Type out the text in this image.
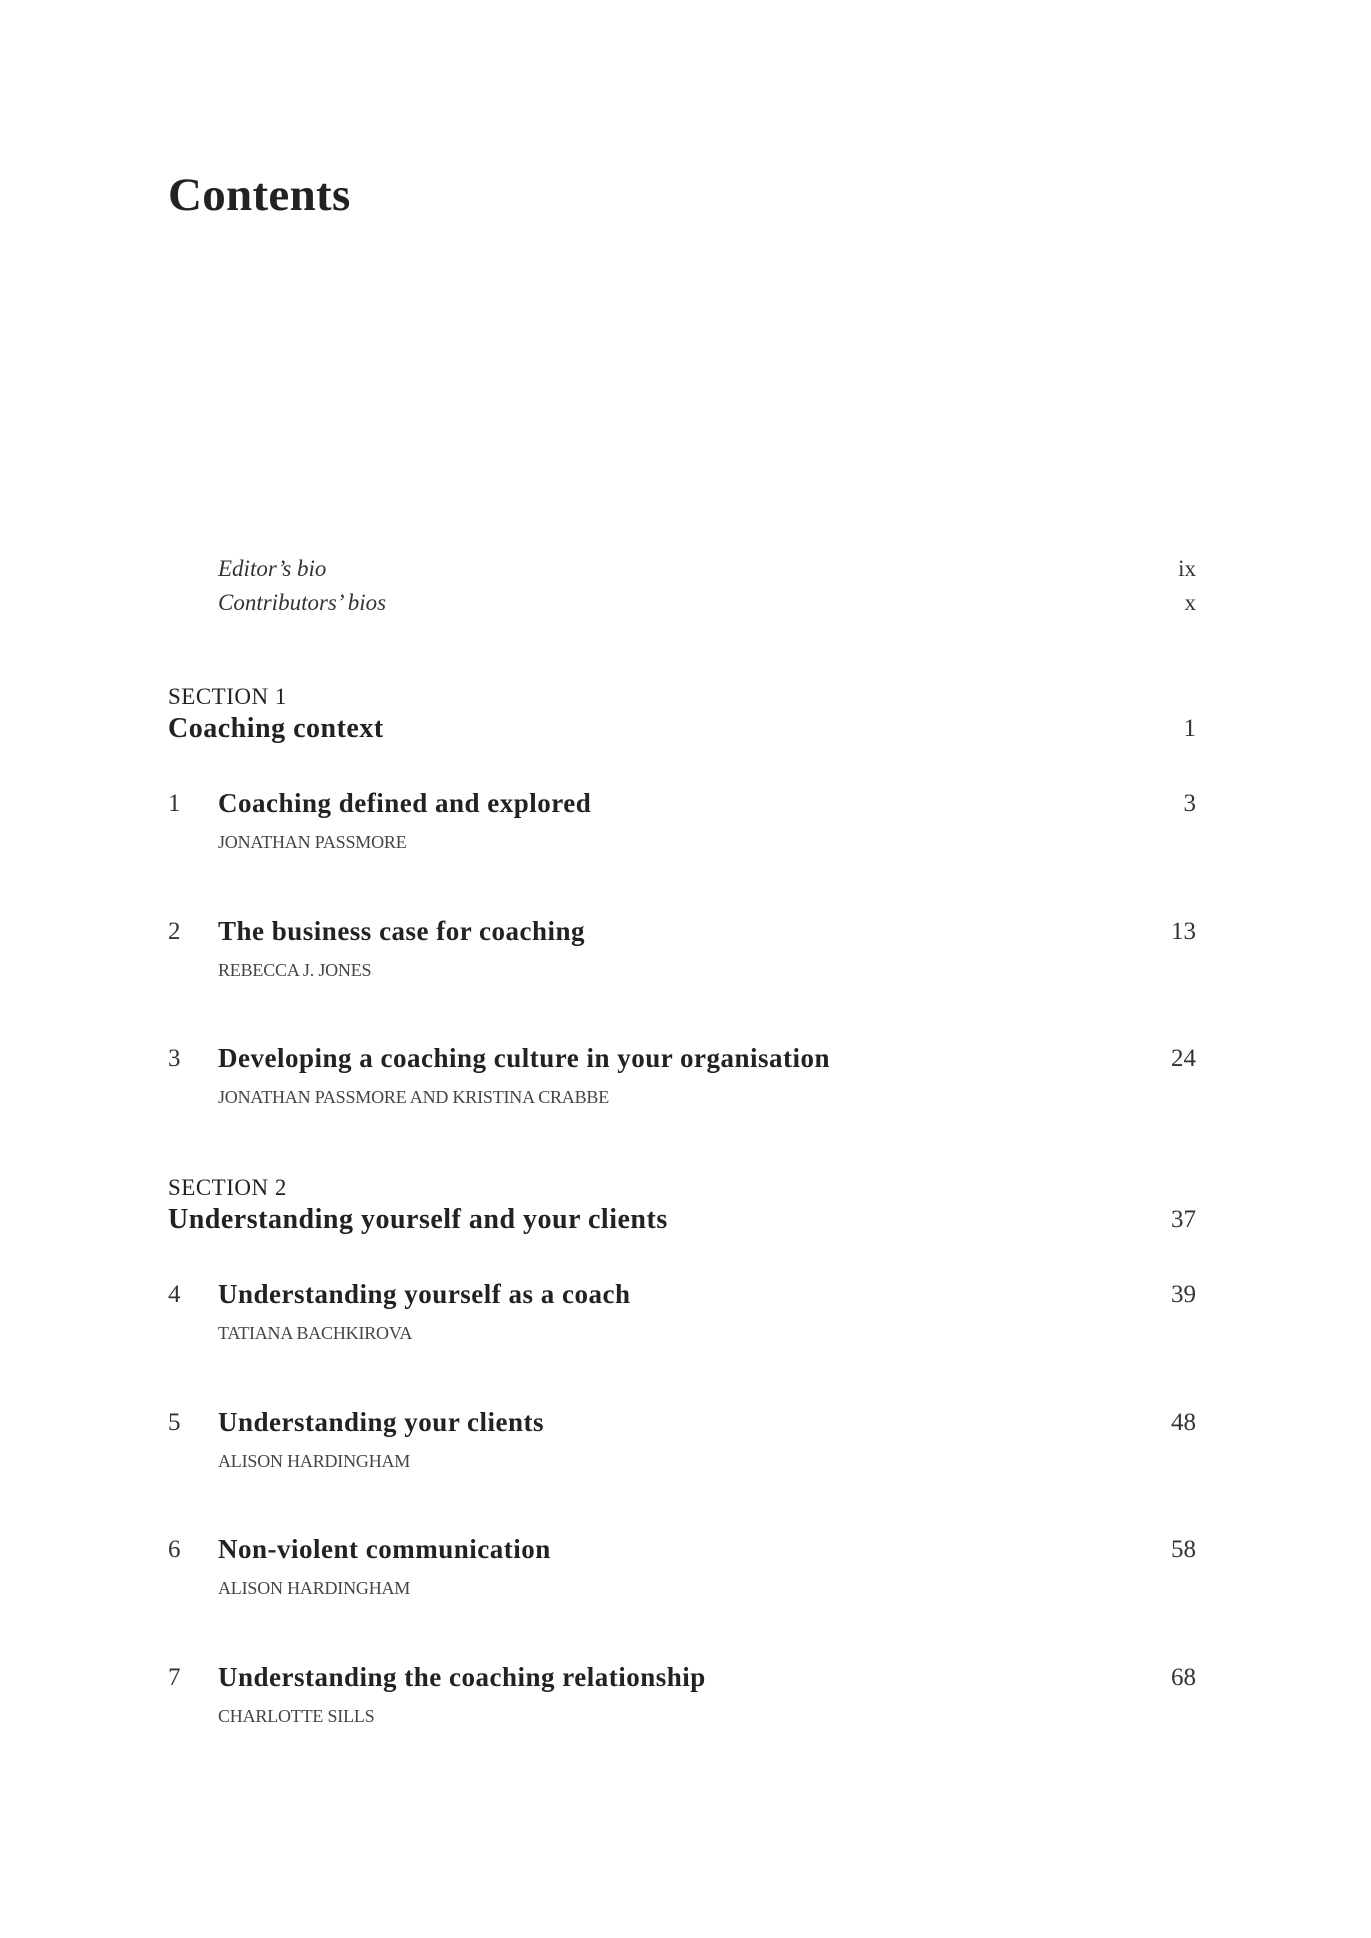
Contents
Editor’s bio	ix
Contributors’ bios	x
SECTION 1
Coaching context	1
1 Coaching defined and explored	3
JONATHAN PASSMORE
2 The business case for coaching	13
REBECCA J. JONES
3 Developing a coaching culture in your organisation	24
JONATHAN PASSMORE AND KRISTINA CRABBE
SECTION 2
Understanding yourself and your clients	37
4 Understanding yourself as a coach	39
TATIANA BACHKIROVA
5 Understanding your clients	48
ALISON HARDINGHAM
6 Non-violent communication	58
ALISON HARDINGHAM
7 Understanding the coaching relationship	68
CHARLOTTE SILLS
